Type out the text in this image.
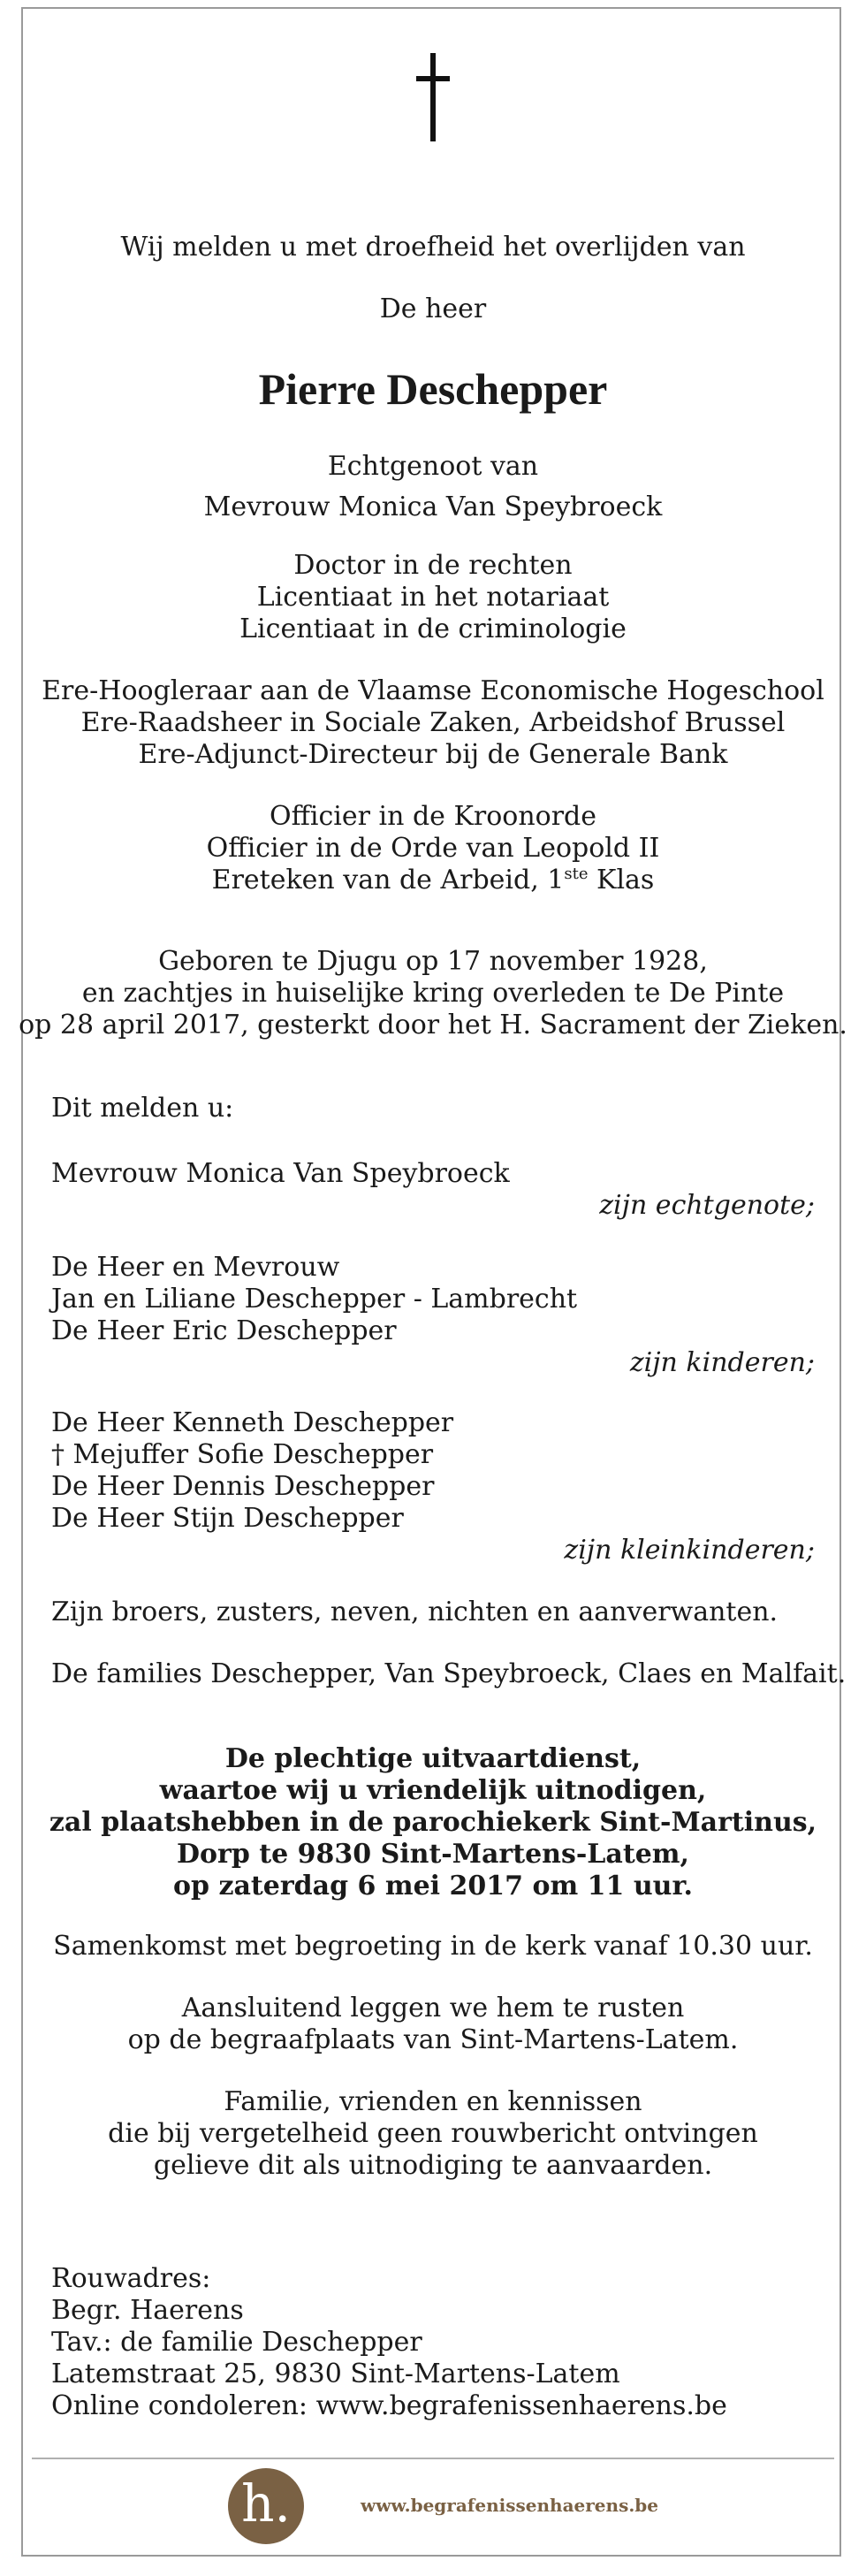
Wij melden u met droefheid het overlijden van
De heer
Pierre Deschepper
Echtgenoot van
Mevrouw Monica Van Speybroeck
Doctor in de rechten
Licentiaat in het notariaat
Licentiaat in de criminologie
Ere-Hoogleraar aan de Vlaamse Economische Hogeschool
Ere-Raadsheer in Sociale Zaken, Arbeidshof Brussel
Ere-Adjunct-Directeur bij de Generale Bank
Officier in de Kroonorde
Officier in de Orde van Leopold II
Ereteken van de Arbeid, 1ste Klas
Geboren te Djugu op 17 november 1928,
en zachtjes in huiselijke kring overleden te De Pinte
op 28 april 2017, gesterkt door het H. Sacrament der Zieken.
Dit melden u:
Mevrouw Monica Van Speybroeck
zijn echtgenote;
De Heer en Mevrouw
Jan en Liliane Deschepper - Lambrecht
De Heer Eric Deschepper
zijn kinderen;
De Heer Kenneth Deschepper
† Mejuffer Sofie Deschepper
De Heer Dennis Deschepper
De Heer Stijn Deschepper
zijn kleinkinderen;
Zijn broers, zusters, neven, nichten en aanverwanten.
De families Deschepper, Van Speybroeck, Claes en Malfait.
De plechtige uitvaartdienst,
waartoe wij u vriendelijk uitnodigen,
zal plaatshebben in de parochiekerk Sint-Martinus,
Dorp te 9830 Sint-Martens-Latem,
op zaterdag 6 mei 2017 om 11 uur.
Samenkomst met begroeting in de kerk vanaf 10.30 uur.
Aansluitend leggen we hem te rusten
op de begraafplaats van Sint-Martens-Latem.
Familie, vrienden en kennissen
die bij vergetelheid geen rouwbericht ontvingen
gelieve dit als uitnodiging te aanvaarden.
Rouwadres:
Begr. Haerens
Tav.: de familie Deschepper
Latemstraat 25, 9830 Sint-Martens-Latem
Online condoleren: www.begrafenissenhaerens.be
h.	www.begrafenissenhaerens.be
